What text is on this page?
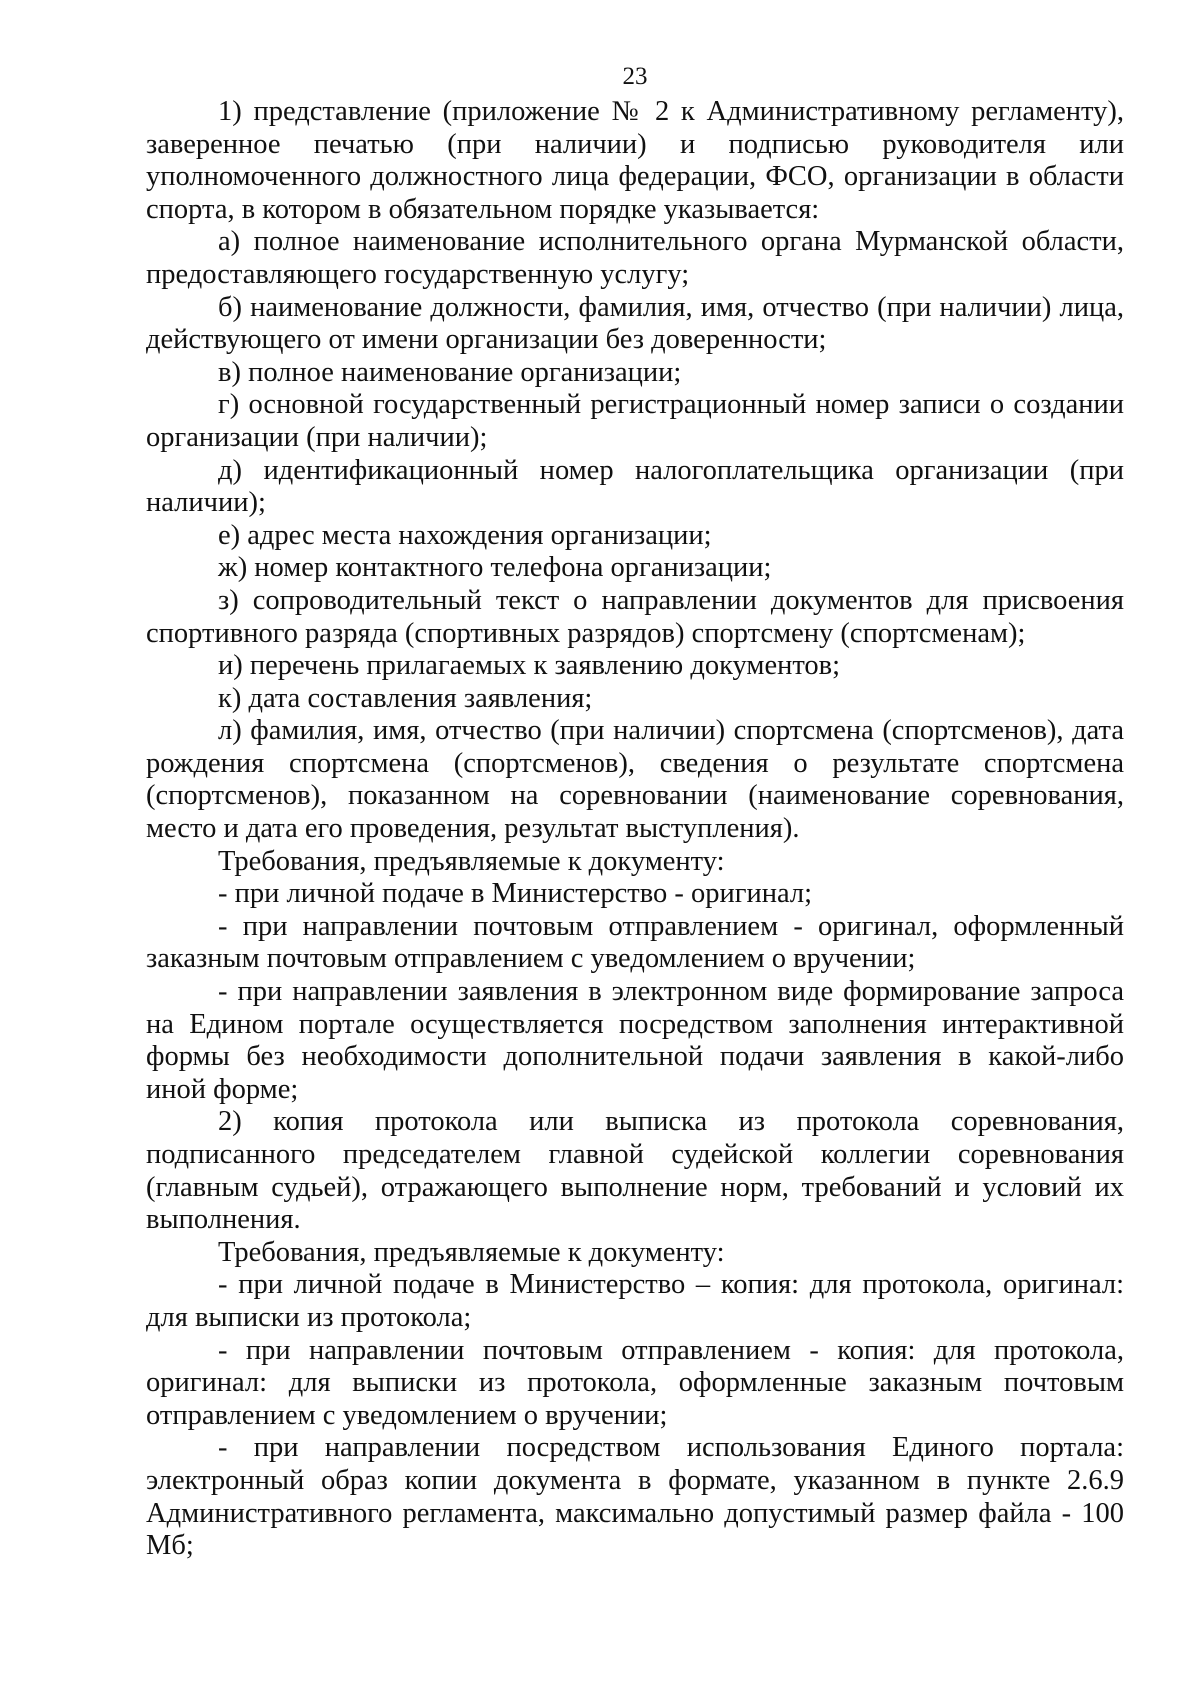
23

1) представление (приложение № 2 к Административному регламенту), заверенное печатью (при наличии) и подписью руководителя или уполномоченного должностного лица федерации, ФСО, организации в области спорта, в котором в обязательном порядке указывается:

а) полное наименование исполнительного органа Мурманской области, предоставляющего государственную услугу;

б) наименование должности, фамилия, имя, отчество (при наличии) лица, действующего от имени организации без доверенности;

в) полное наименование организации;

г) основной государственный регистрационный номер записи о создании организации (при наличии);

д) идентификационный номер налогоплательщика организации (при наличии);

е) адрес места нахождения организации;

ж) номер контактного телефона организации;

з) сопроводительный текст о направлении документов для присвоения спортивного разряда (спортивных разрядов) спортсмену (спортсменам);

и) перечень прилагаемых к заявлению документов;

к) дата составления заявления;

л) фамилия, имя, отчество (при наличии) спортсмена (спортсменов), дата рождения спортсмена (спортсменов), сведения о результате спортсмена (спортсменов), показанном на соревновании (наименование соревнования, место и дата его проведения, результат выступления).

Требования, предъявляемые к документу:

- при личной подаче в Министерство - оригинал;

- при направлении почтовым отправлением - оригинал, оформленный заказным почтовым отправлением с уведомлением о вручении;

- при направлении заявления в электронном виде формирование запроса на Едином портале осуществляется посредством заполнения интерактивной формы без необходимости дополнительной подачи заявления в какой-либо иной форме;

2) копия протокола или выписка из протокола соревнования, подписанного председателем главной судейской коллегии соревнования (главным судьей), отражающего выполнение норм, требований и условий их выполнения.

Требования, предъявляемые к документу:

- при личной подаче в Министерство – копия: для протокола, оригинал: для выписки из протокола;

- при направлении почтовым отправлением - копия: для протокола, оригинал: для выписки из протокола, оформленные заказным почтовым отправлением с уведомлением о вручении;

- при направлении посредством использования Единого портала: электронный образ копии документа в формате, указанном в пункте 2.6.9 Административного регламента, максимально допустимый размер файла - 100 Мб;
